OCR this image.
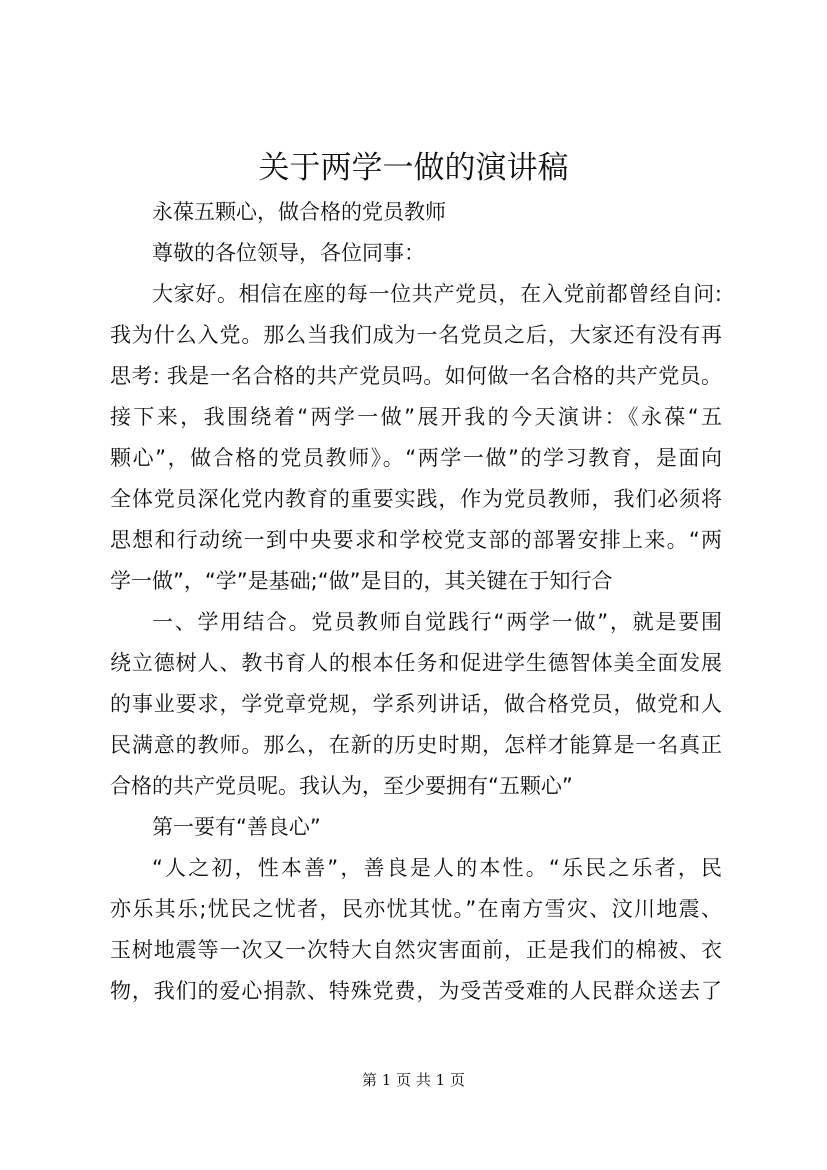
关于两学一做的演讲稿
永葆五颗心，做合格的党员教师
尊敬的各位领导，各位同事：
大家好。相信在座的每一位共产党员，在入党前都曾经自问:
我为什么入党。那么当我们成为一名党员之后，大家还有没有再
思考: 我是一名合格的共产党员吗。如何做一名合格的共产党员。
接下来，我围绕着“两学一做”展开我的今天演讲：《永葆“五
颗心”，做合格的党员教师》。“两学一做”的学习教育，是面向
全体党员深化党内教育的重要实践，作为党员教师，我们必须将
思想和行动统一到中央要求和学校党支部的部署安排上来。“两
学一做”，“学”是基础;“做”是目的，其关键在于知行合
一、学用结合。党员教师自觉践行“两学一做”，就是要围
绕立德树人、教书育人的根本任务和促进学生德智体美全面发展
的事业要求，学党章党规，学系列讲话，做合格党员，做党和人
民满意的教师。那么，在新的历史时期，怎样才能算是一名真正
合格的共产党员呢。我认为，至少要拥有“五颗心”
第一要有“善良心”
“人之初，性本善”，善良是人的本性。“乐民之乐者，民
亦乐其乐;忧民之忧者，民亦忧其忧。”在南方雪灾、汶川地震、
玉树地震等一次又一次特大自然灾害面前，正是我们的棉被、衣
物，我们的爱心捐款、特殊党费，为受苦受难的人民群众送去了
第 1 页 共 1 页
